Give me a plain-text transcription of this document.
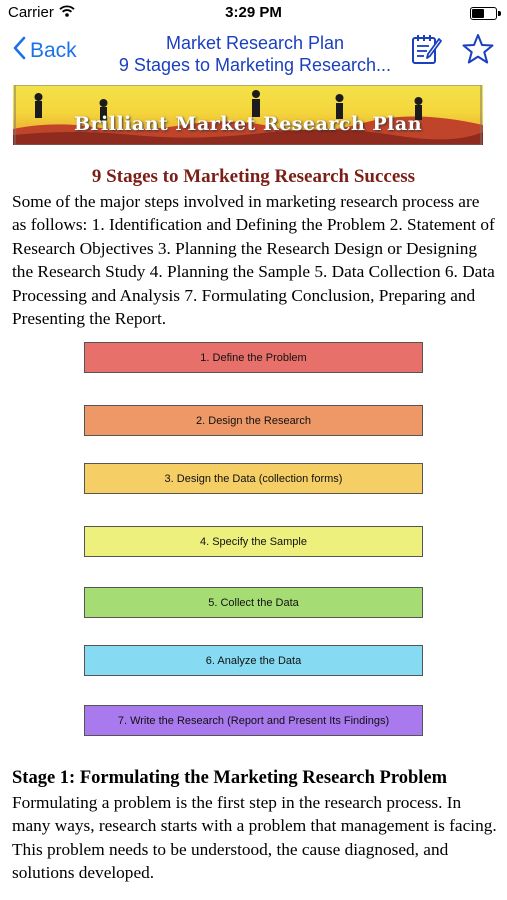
Carrier	3:29 PM
Back	Market Research Plan
9 Stages to Marketing Research...
Brilliant Market Research Plan
9 Stages to Marketing Research Success
Some of the major steps involved in marketing research process are as follows: 1. Identification and Defining the Problem 2. Statement of Research Objectives 3. Planning the Research Design or Designing the Research Study 4. Planning the Sample 5. Data Collection 6. Data Processing and Analysis 7. Formulating Conclusion, Preparing and Presenting the Report.
1. Define the Problem
2. Design the Research
3. Design the Data (collection forms)
4. Specify the Sample
5. Collect the Data
6. Analyze the Data
7. Write the Research (Report and Present Its Findings)
Stage 1: Formulating the Marketing Research Problem
Formulating a problem is the first step in the research process. In many ways, research starts with a problem that management is facing. This problem needs to be understood, the cause diagnosed, and solutions developed.
